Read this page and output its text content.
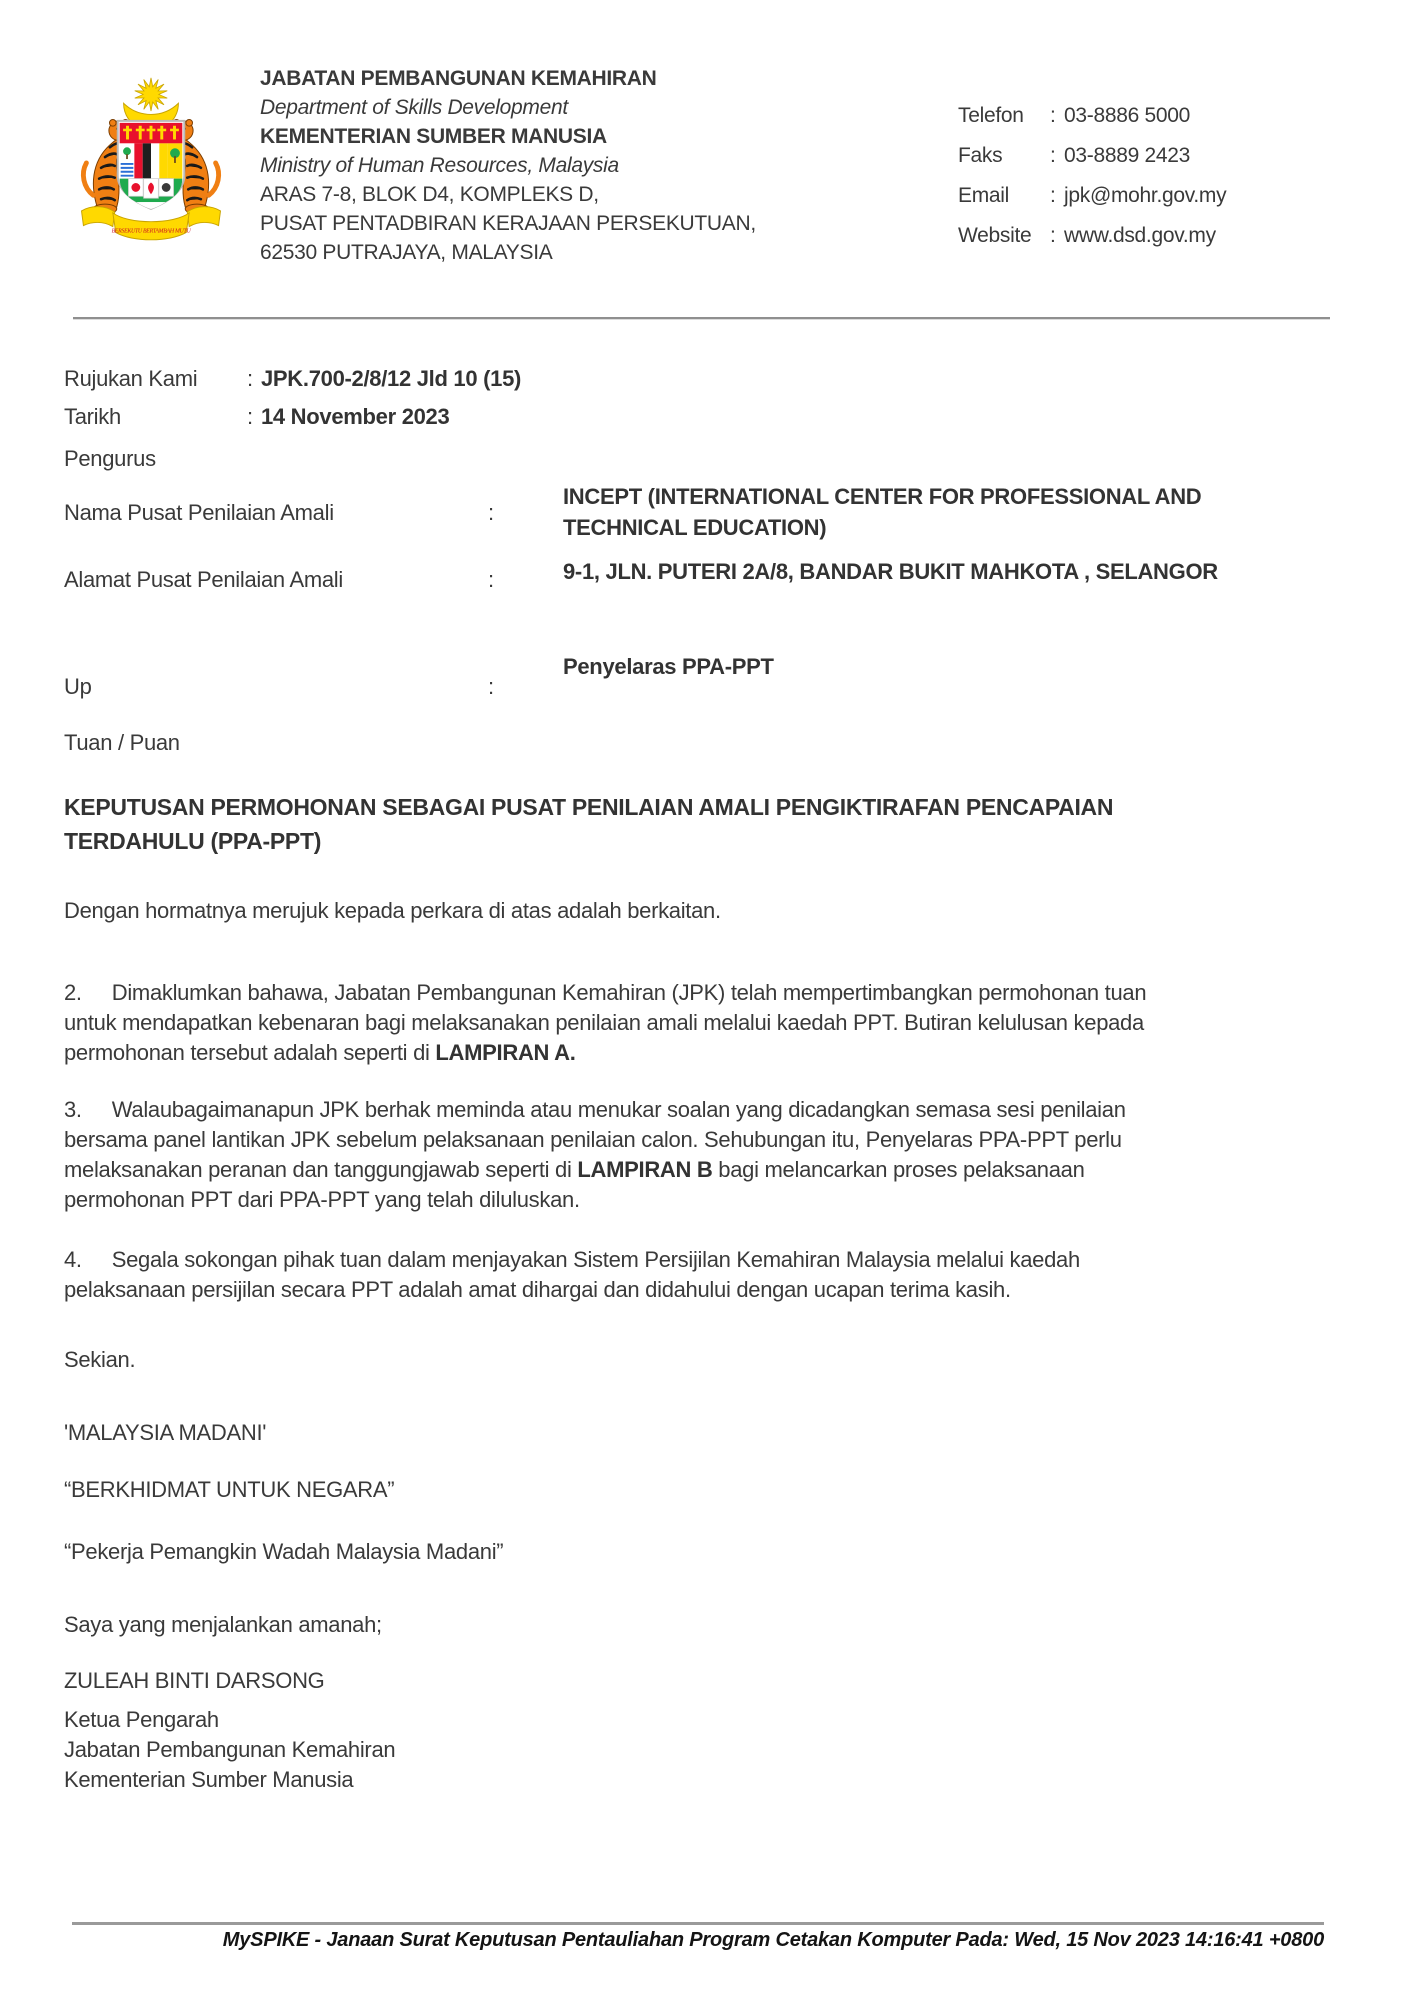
BERSEKUTU BERTAMBAH MUTU
JABATAN PEMBANGUNAN KEMAHIRAN
Department of Skills Development
KEMENTERIAN SUMBER MANUSIA
Ministry of Human Resources, Malaysia
ARAS 7-8, BLOK D4, KOMPLEKS D,
PUSAT PENTADBIRAN KERAJAAN PERSEKUTUAN,
62530 PUTRAJAYA, MALAYSIA
Telefon	: 03-8886 5000
Faks	: 03-8889 2423
Email	: jpk@mohr.gov.my
Website : www.dsd.gov.my
Rujukan Kami	: JPK.700-2/8/12 Jld 10 (15)
Tarikh	: 14 November 2023
Pengurus
Nama Pusat Penilaian Amali	:
INCEPT (INTERNATIONAL CENTER FOR PROFESSIONAL AND TECHNICAL EDUCATION)
Alamat Pusat Penilaian Amali	:	9-1, JLN. PUTERI 2A/8, BANDAR BUKIT MAHKOTA , SELANGOR
Up	:
Penyelaras PPA-PPT
Tuan / Puan
KEPUTUSAN PERMOHONAN SEBAGAI PUSAT PENILAIAN AMALI PENGIKTIRAFAN PENCAPAIAN
TERDAHULU (PPA-PPT)
Dengan hormatnya merujuk kepada perkara di atas adalah berkaitan.
2. Dimaklumkan bahawa, Jabatan Pembangunan Kemahiran (JPK) telah mempertimbangkan permohonan tuan untuk mendapatkan kebenaran bagi melaksanakan penilaian amali melalui kaedah PPT. Butiran kelulusan kepada permohonan tersebut adalah seperti di LAMPIRAN A.
3. Walaubagaimanapun JPK berhak meminda atau menukar soalan yang dicadangkan semasa sesi penilaian bersama panel lantikan JPK sebelum pelaksanaan penilaian calon. Sehubungan itu, Penyelaras PPA-PPT perlu melaksanakan peranan dan tanggungjawab seperti di LAMPIRAN B bagi melancarkan proses pelaksanaan permohonan PPT dari PPA-PPT yang telah diluluskan.
4. Segala sokongan pihak tuan dalam menjayakan Sistem Persijilan Kemahiran Malaysia melalui kaedah pelaksanaan persijilan secara PPT adalah amat dihargai dan didahului dengan ucapan terima kasih.
Sekian.
'MALAYSIA MADANI'
“BERKHIDMAT UNTUK NEGARA”
“Pekerja Pemangkin Wadah Malaysia Madani”
Saya yang menjalankan amanah;
ZULEAH BINTI DARSONG
Ketua Pengarah
Jabatan Pembangunan Kemahiran
Kementerian Sumber Manusia
MySPIKE - Janaan Surat Keputusan Pentauliahan Program Cetakan Komputer Pada: Wed, 15 Nov 2023 14:16:41 +0800
